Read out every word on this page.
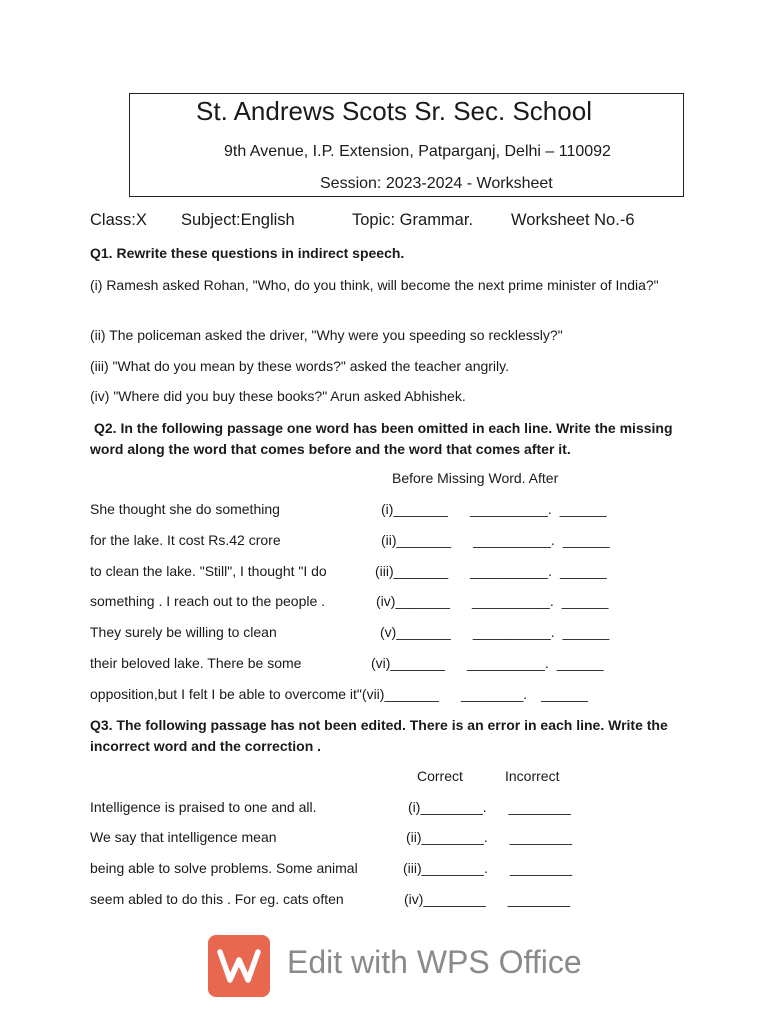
St. Andrews Scots Sr. Sec. School
9th Avenue, I.P. Extension, Patparganj, Delhi – 110092
Session: 2023-2024 - Worksheet
Class:X Subject:English	Topic: Grammar. Worksheet No.-6
Q1. Rewrite these questions in indirect speech.
(i) Ramesh asked Rohan, "Who, do you think, will become the next prime minister of India?"
(ii) The policeman asked the driver, "Why were you speeding so recklessly?"
(iii) "What do you mean by these words?" asked the teacher angrily.
(iv) "Where did you buy these books?" Arun asked Abhishek.
Q2. In the following passage one word has been omitted in each line. Write the missing word along the word that comes before and the word that comes after it.
Before Missing Word. After
She thought she do something	(i)_______ __________. ______
for the lake. It cost Rs.42 crore	(ii)_______ __________. ______
to clean the lake. "Still", I thought "I do	(iii)_______ __________. ______
something . I reach out to the people .	(iv)_______ __________. ______
They surely be willing to clean	(v)_______ __________. ______
their beloved lake. There be some	(vi)_______ __________. ______
opposition,but I felt I be able to overcome it"(vii)_______ ________. ______
Q3. The following passage has not been edited. There is an error in each line. Write the incorrect word and the correction .
Correct	Incorrect
Intelligence is praised to one and all.	(i)________. ________
We say that intelligence mean	(ii)________. ________
being able to solve problems. Some animal	(iii)________. ________
seem abled to do this . For eg. cats often	(iv)________ ________
Edit with WPS Office
